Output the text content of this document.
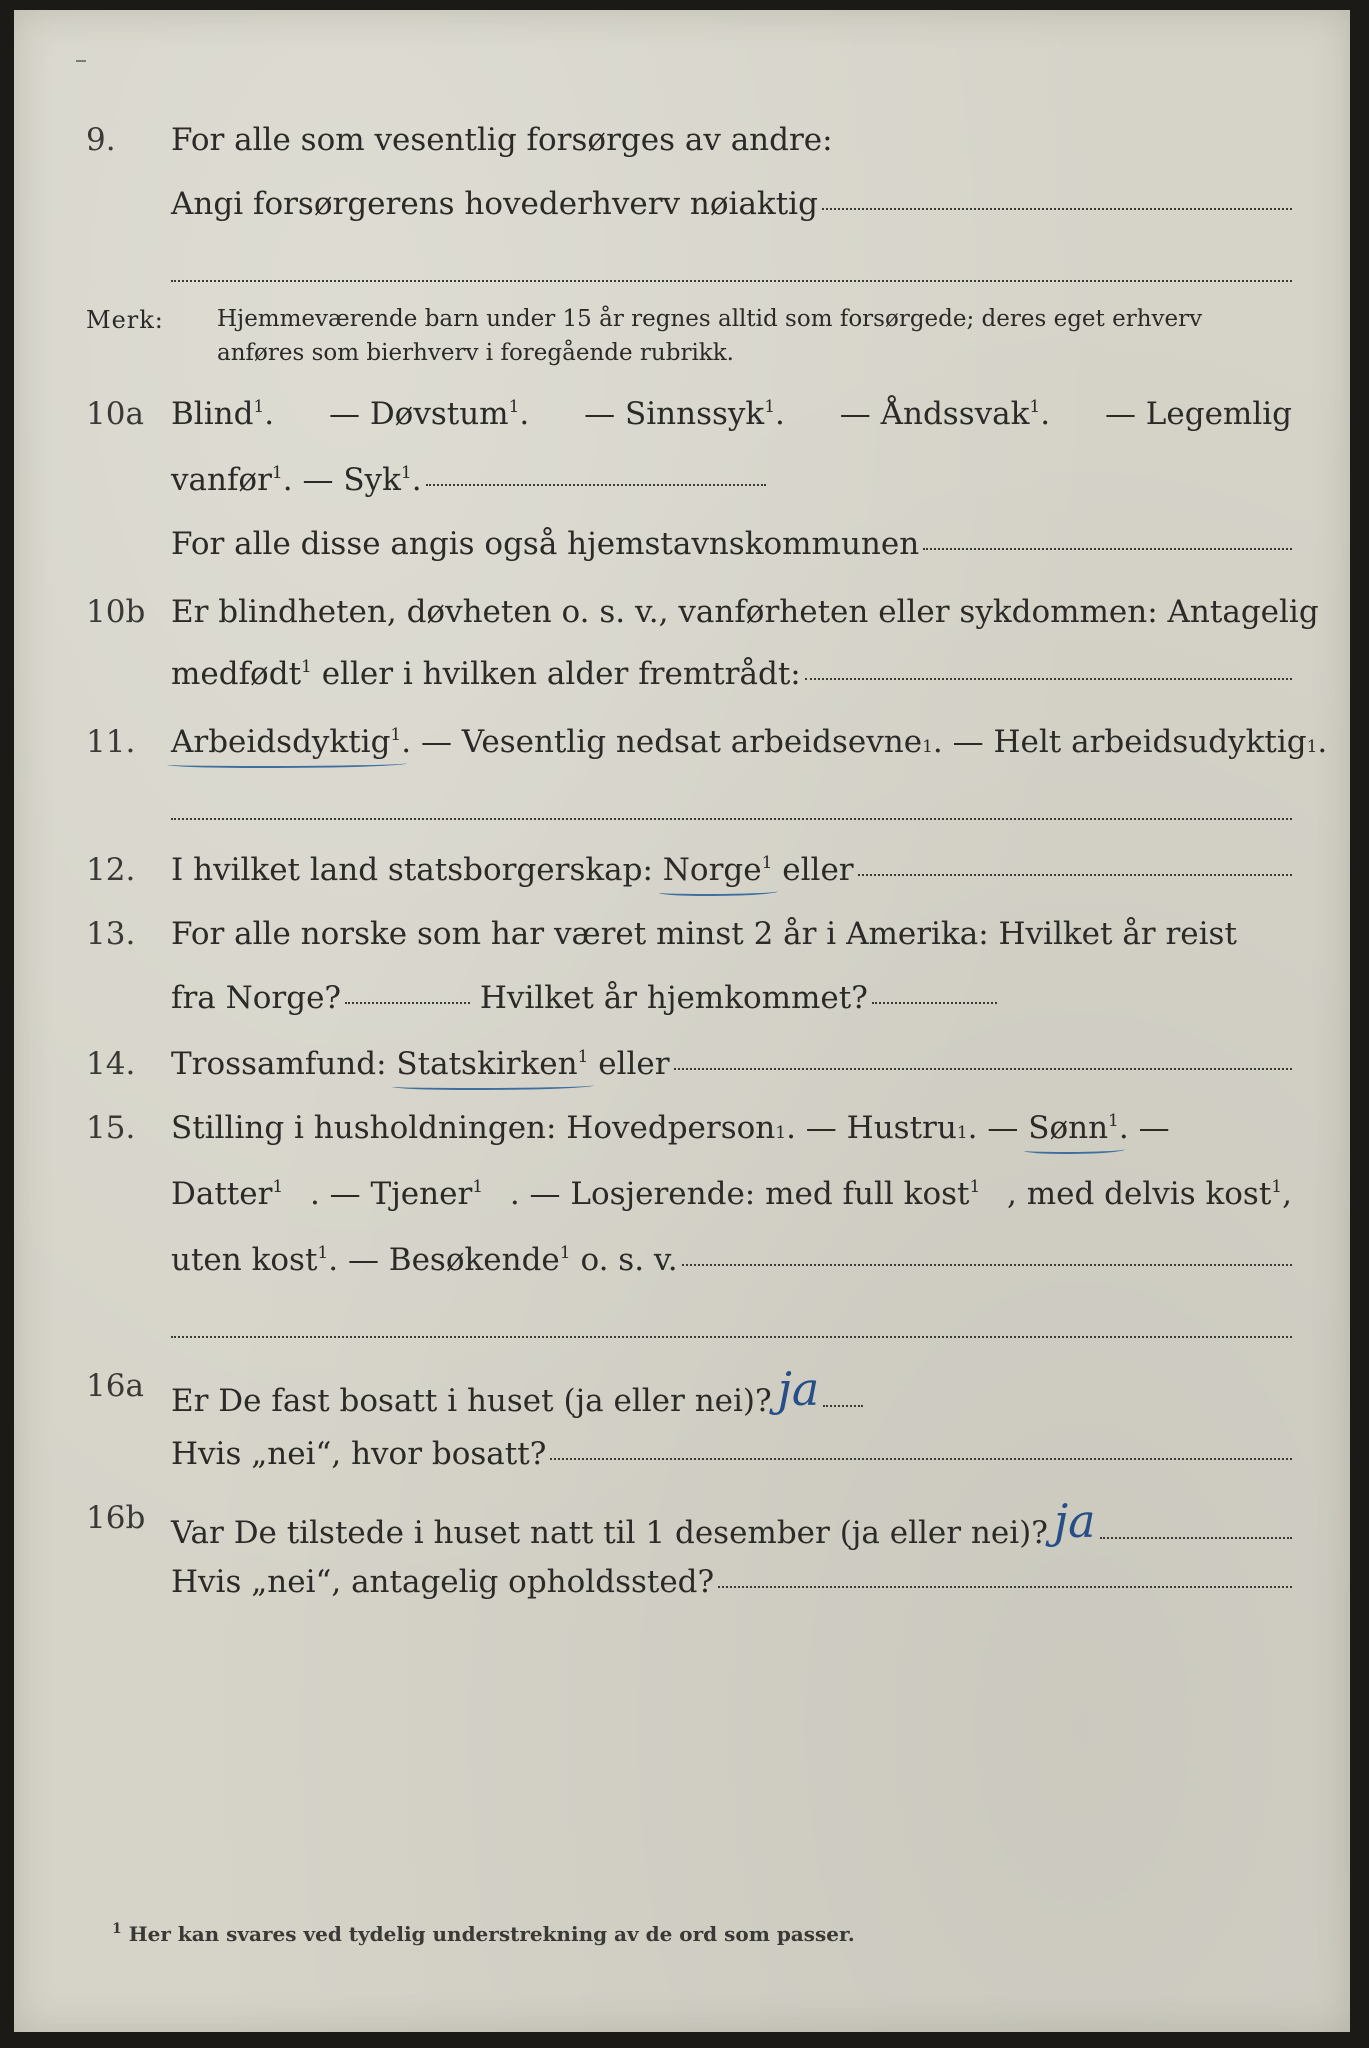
9. For alle som vesentlig forsørges av andre:
Angi forsørgerens hovederhverv nøiaktig
Merk: Hjemmeværende barn under 15 år regnes alltid som forsørgede; deres eget erhverv anføres som bierhverv i foregående rubrikk.
10a Blind$^1$. — Døvstum$^1$. — Sinnssyk$^1$. — Åndssvak$^1$. — Legemlig
vanfør$^1$.
— Syk$^1$.
For alle disse angis også hjemstavnskommunen
10b Er blindheten, døvheten o. s. v., vanførheten eller sykdommen: Antagelig
medfødt$^1$ eller i hvilken alder fremtrådt:
11. Arbeidsdyktig$^1$ . — Vesentlig nedsat arbeidsevne 1 . — Helt arbeidsudyktig 1 .
12. I hvilket land statsborgerskap: Norge$^1$ eller
13. For alle norske som har været minst 2 år i Amerika: Hvilket år reist
fra Norge?	Hvilket år hjemkommet?
14. Trossamfund: Statskirken$^1$ eller
15. Stilling i husholdningen: Hovedperson 1 . — Hustru 1 . — Sønn$^1$ . —
Datter$^1$ . — Tjener$^1$ . — Losjerende: med full kost$^1$ , med delvis kost$^1$,
uten kost$^1$ . — Besøkende$^1$ o. s. v.
16a Er De fast bosatt i huset (ja eller nei)? ja
Hvis „nei“, hvor bosatt?
16b Var De tilstede i huset natt til 1 desember (ja eller nei)? ja
Hvis „nei“, antagelig opholdssted?
$^1$ Her kan svares ved tydelig understrekning av de ord som passer.
